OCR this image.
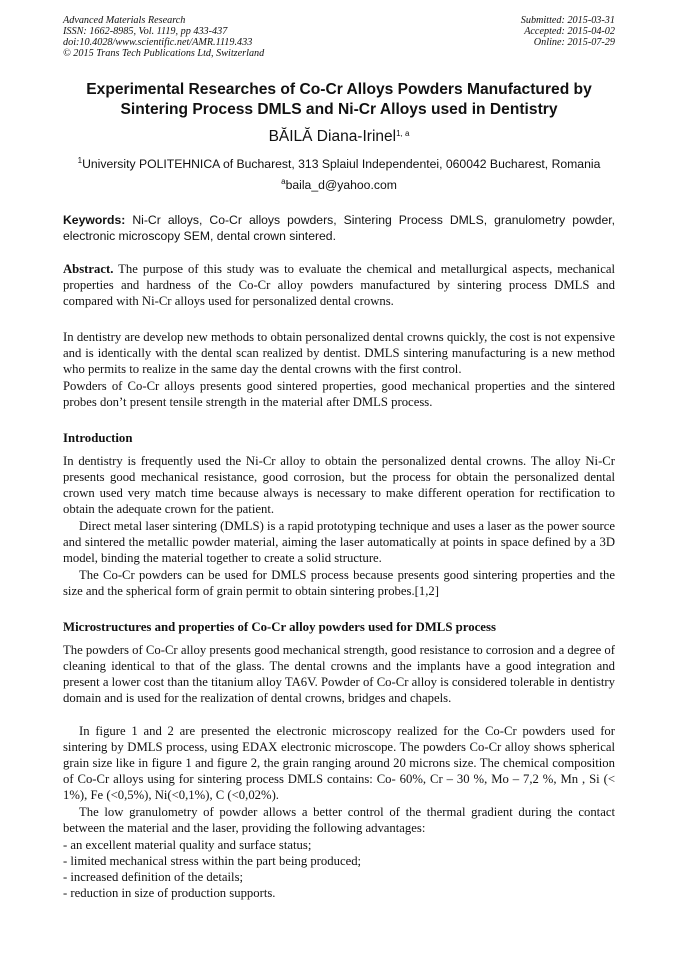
Advanced Materials Research
ISSN: 1662-8985, Vol. 1119, pp 433-437
doi:10.4028/www.scientific.net/AMR.1119.433
© 2015 Trans Tech Publications Ltd, Switzerland
Submitted: 2015-03-31
Accepted: 2015-04-02
Online: 2015-07-29
Experimental Researches of Co-Cr Alloys Powders Manufactured by Sintering Process DMLS and Ni-Cr Alloys used in Dentistry
BĂILĂ Diana-Irinel$^{1, a}$
$^1$University POLITEHNICA of Bucharest, 313 Splaiul Independentei, 060042 Bucharest, Romania
$^a$baila_d@yahoo.com
Keywords: Ni-Cr alloys, Co-Cr alloys powders, Sintering Process DMLS, granulometry powder, electronic microscopy SEM, dental crown sintered.
Abstract. The purpose of this study was to evaluate the chemical and metallurgical aspects, mechanical properties and hardness of the Co-Cr alloy powders manufactured by sintering process DMLS and compared with Ni-Cr alloys used for personalized dental crowns.
In dentistry are develop new methods to obtain personalized dental crowns quickly, the cost is not expensive and is identically with the dental scan realized by dentist. DMLS sintering manufacturing is a new method who permits to realize in the same day the dental crowns with the first control.
Powders of Co-Cr alloys presents good sintered properties, good mechanical properties and the sintered probes don’t present tensile strength in the material after DMLS process.
Introduction
In dentistry is frequently used the Ni-Cr alloy to obtain the personalized dental crowns. The alloy Ni-Cr presents good mechanical resistance, good corrosion, but the process for obtain the personalized dental crown used very match time because always is necessary to make different operation for rectification to obtain the adequate crown for the patient.
Direct metal laser sintering (DMLS) is a rapid prototyping technique and uses a laser as the power source and sintered the metallic powder material, aiming the laser automatically at points in space defined by a 3D model, binding the material together to create a solid structure.
The Co-Cr powders can be used for DMLS process because presents good sintering properties and the size and the spherical form of grain permit to obtain sintering probes.[1,2]
Microstructures and properties of Co-Cr alloy powders used for DMLS process
The powders of Co-Cr alloy presents good mechanical strength, good resistance to corrosion and a degree of cleaning identical to that of the glass. The dental crowns and the implants have a good integration and present a lower cost than the titanium alloy TA6V. Powder of Co-Cr alloy is considered tolerable in dentistry domain and is used for the realization of dental crowns, bridges and chapels.
In figure 1 and 2 are presented the electronic microscopy realized for the Co-Cr powders used for sintering by DMLS process, using EDAX electronic microscope. The powders Co-Cr alloy shows spherical grain size like in figure 1 and figure 2, the grain ranging around 20 microns size. The chemical composition of Co-Cr alloys using for sintering process DMLS contains: Co- 60%, Cr – 30 %, Mo – 7,2 %, Mn , Si (< 1%), Fe (<0,5%), Ni(<0,1%), C (<0,02%).
The low granulometry of powder allows a better control of the thermal gradient during the contact between the material and the laser, providing the following advantages:
- an excellent material quality and surface status;
- limited mechanical stress within the part being produced;
- increased definition of the details;
- reduction in size of production supports.
